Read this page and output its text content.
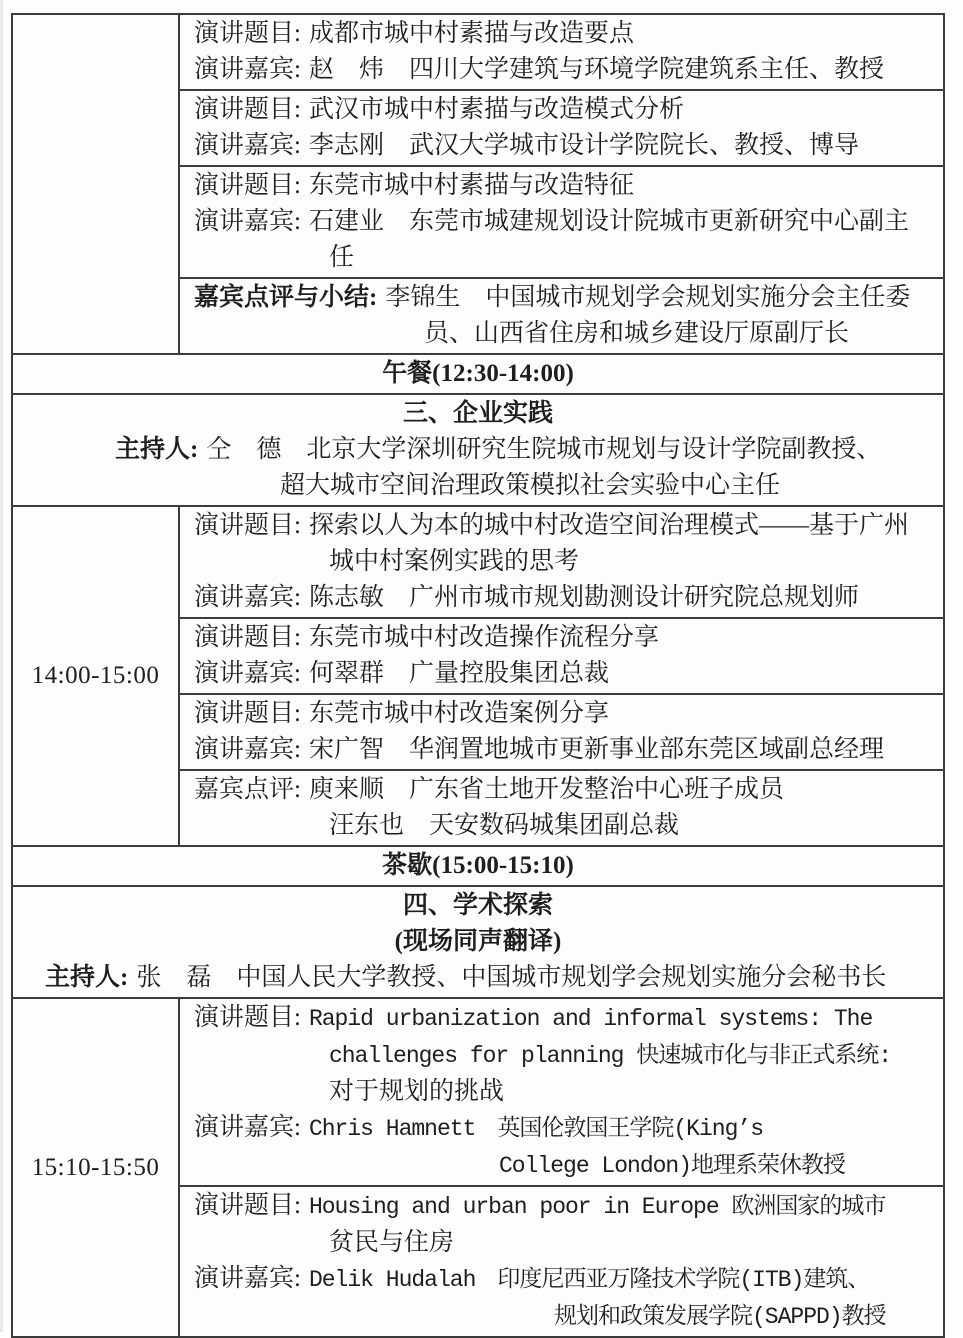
演讲题目: 成都市城中村素描与改造要点
演讲嘉宾: 赵　炜　四川大学建筑与环境学院建筑系主任、教授
演讲题目: 武汉市城中村素描与改造模式分析
演讲嘉宾: 李志刚　武汉大学城市设计学院院长、教授、博导
演讲题目: 东莞市城中村素描与改造特征
演讲嘉宾: 石建业　东莞市城建规划设计院城市更新研究中心副主
任
嘉宾点评与小结: 李锦生　中国城市规划学会规划实施分会主任委
员、山西省住房和城乡建设厅原副厅长
午餐(12:30-14:00)
三、企业实践
主持人: 仝　德　北京大学深圳研究生院城市规划与设计学院副教授、
超大城市空间治理政策模拟社会实验中心主任
14:00-15:00
演讲题目: 探索以人为本的城中村改造空间治理模式——基于广州
城中村案例实践的思考
演讲嘉宾: 陈志敏　广州市城市规划勘测设计研究院总规划师
演讲题目: 东莞市城中村改造操作流程分享
演讲嘉宾: 何翠群　广量控股集团总裁
演讲题目: 东莞市城中村改造案例分享
演讲嘉宾: 宋广智　华润置地城市更新事业部东莞区域副总经理
嘉宾点评: 庾来顺　广东省土地开发整治中心班子成员
汪东也　天安数码城集团副总裁
茶歇(15:00-15:10)
四、学术探索
(现场同声翻译)
主持人: 张　磊　中国人民大学教授、中国城市规划学会规划实施分会秘书长
15:10-15:50
演讲题目: Rapid urbanization and informal systems: The
challenges for planning 快速城市化与非正式系统:
对于规划的挑战
演讲嘉宾: Chris Hamnett　英国伦敦国王学院(King’s
College London)地理系荣休教授
演讲题目: Housing and urban poor in Europe 欧洲国家的城市
贫民与住房
演讲嘉宾: Delik Hudalah　印度尼西亚万隆技术学院(ITB)建筑、
规划和政策发展学院(SAPPD)教授
